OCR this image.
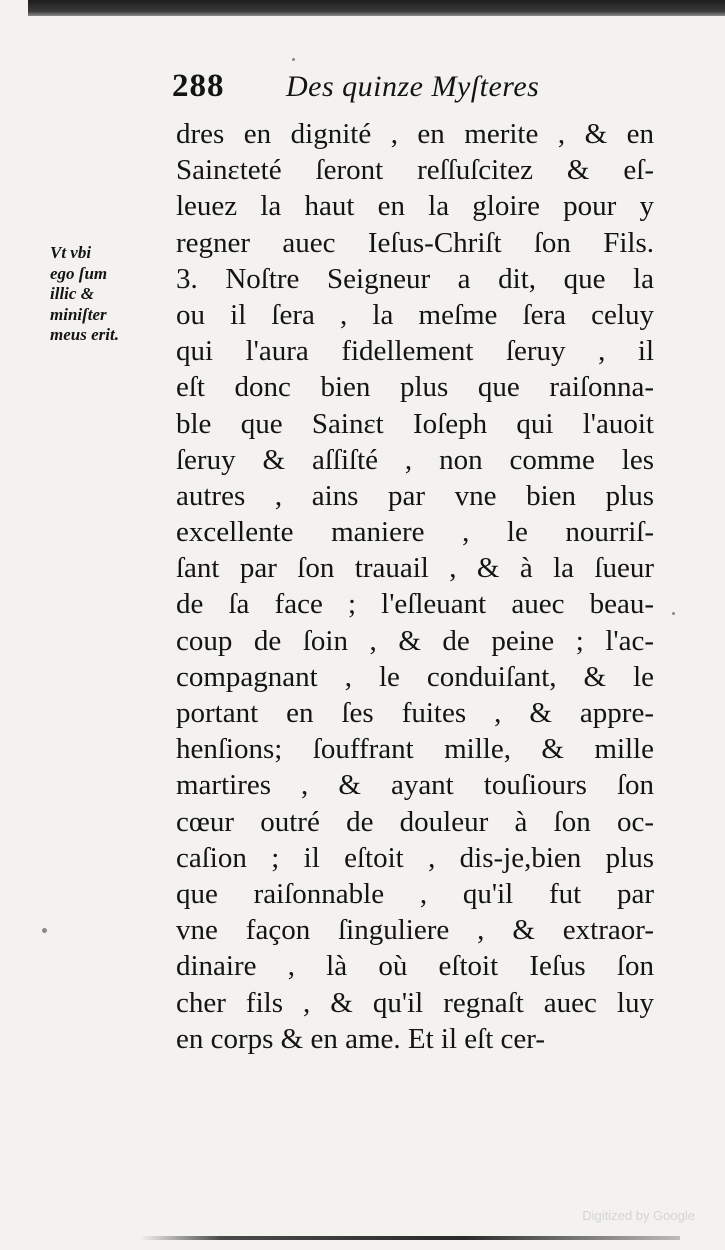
288 Des quinze Myſteres
Vt vbi
ego ſum
illic &
miniſter
meus erit.
dres en dignité , en merite , & en
Sainɛteté ſeront reſſuſcitez & eſ-
leuez la haut en la gloire pour y
regner auec Ieſus-Chriſt ſon Fils.
3. Noſtre Seigneur a dit, que la
ou il ſera , la meſme ſera celuy
qui l'aura fidellement ſeruy , il
eſt donc bien plus que raiſonna-
ble que Sainɛt Ioſeph qui l'auoit
ſeruy & aſſiſté , non comme les
autres , ains par vne bien plus
excellente maniere , le nourriſ-
ſant par ſon trauail , & à la ſueur
de ſa face ; l'eſleuant auec beau-
coup de ſoin , & de peine ; l'ac-
compagnant , le conduiſant, & le
portant en ſes fuites , & appre-
henſions; ſouffrant mille, & mille
martires , & ayant touſiours ſon
cœur outré de douleur à ſon oc-
caſion ; il eſtoit , dis-je,bien plus
que raiſonnable , qu'il fut par
vne façon ſinguliere , & extraor-
dinaire , là où eſtoit Ieſus ſon
cher fils , & qu'il regnaſt auec luy
en corps & en ame. Et il eſt cer-
Digitized by Google
